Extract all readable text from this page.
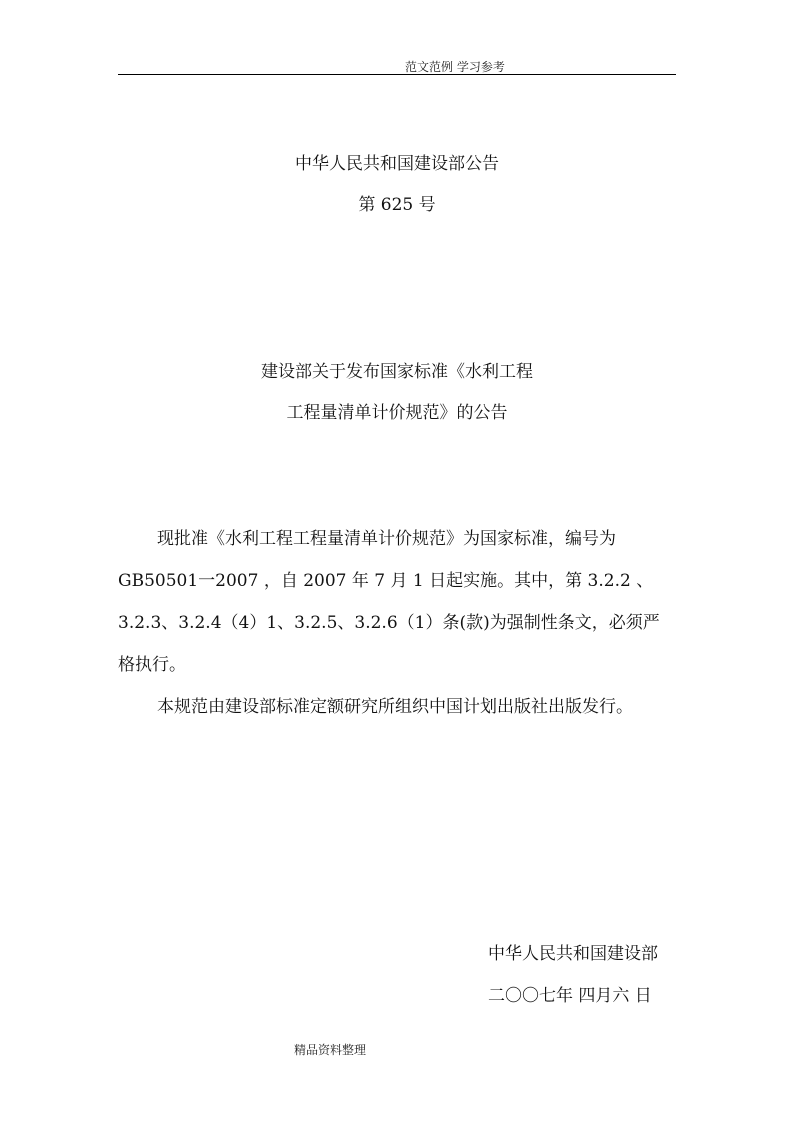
范文范例 学习参考
中华人民共和国建设部公告
第 625 号
建设部关于发布国家标准《水利工程
工程量清单计价规范》的公告
现批准《水利工程工程量清单计价规范》为国家标准，编号为
GB50501一2007 ，自 2007 年 7 月 1 日起实施。其中，第 3.2.2 、
3.2.3、3.2.4（4）1、3.2.5、3.2.6（1）条(款)为强制性条文，必须严
格执行。
本规范由建设部标准定额研究所组织中国计划出版社出版发行。
中华人民共和国建设部
二〇〇七年 四月六 日
精品资料整理
